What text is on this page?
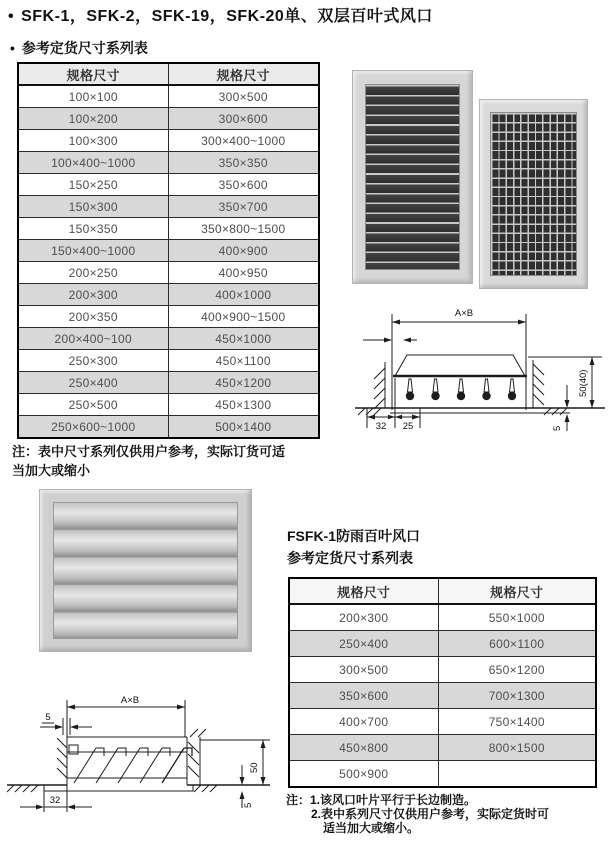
• SFK-1，SFK-2，SFK-19，SFK-20单、双层百叶式风口
• 参考定货尺寸系列表
规格尺寸	规格尺寸
100×100	300×500
100×200	300×600
100×300	300×400~1000
100×400~1000	350×350
150×250	350×600
150×300	350×700
150×350	350×800~1500
150×400~1000	400×900
200×250	400×950
200×300	400×1000
200×350	400×900~1500
200×400~100	450×1000
250×300	450×1100
250×400	450×1200
250×500	450×1300
250×600~1000	500×1400
注：表中尺寸系列仅供用户参考，实际订货可适
当加大或缩小
A×B
50(40)
5
32 25
FSFK-1防雨百叶风口
参考定货尺寸系列表
规格尺寸	规格尺寸
200×300	550×1000
250×400	600×1100
300×500	650×1200
350×600	700×1300
400×700	750×1400
450×800	800×1500
500×900	
注：1.该风口叶片平行于长边制造。
2.表中系列尺寸仅供用户参考，实际定货时可
适当加大或缩小。
A×B
5
50
5
32
